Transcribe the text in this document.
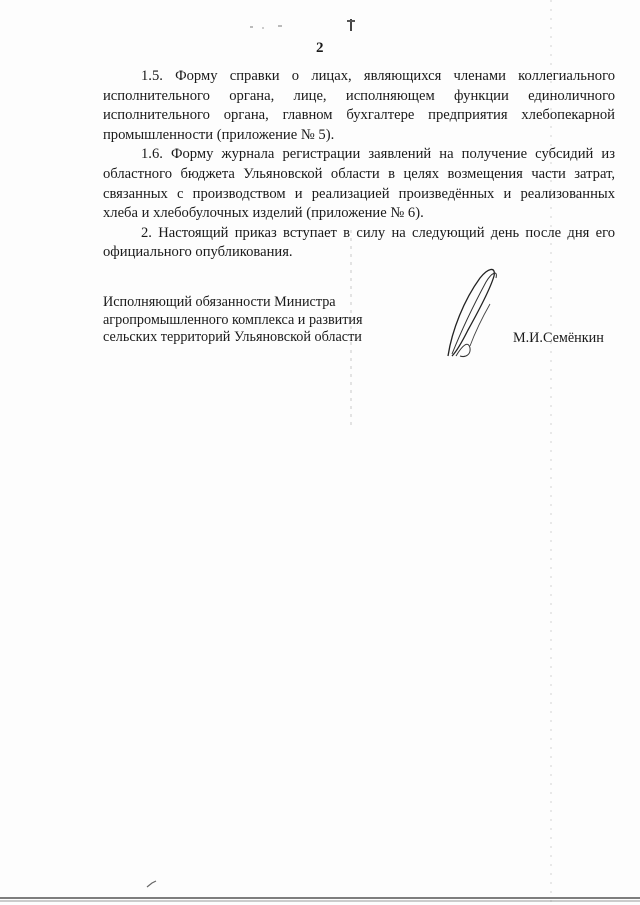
2

1.5. Форму справки о лицах, являющихся членами коллегиального исполнительного органа, лице, исполняющем функции единоличного исполнительного органа, главном бухгалтере предприятия хлебопекарной промышленности (приложение № 5).

1.6. Форму журнала регистрации заявлений на получение субсидий из областного бюджета Ульяновской области в целях возмещения части затрат, связанных с производством и реализацией произведённых и реализованных хлеба и хлебобулочных изделий (приложение № 6).

2. Настоящий приказ вступает в силу на следующий день после дня его официального опубликования.

Исполняющий обязанности Министра
агропромышленного комплекса и развития
сельских территорий Ульяновской области	М.И.Семёнкин
